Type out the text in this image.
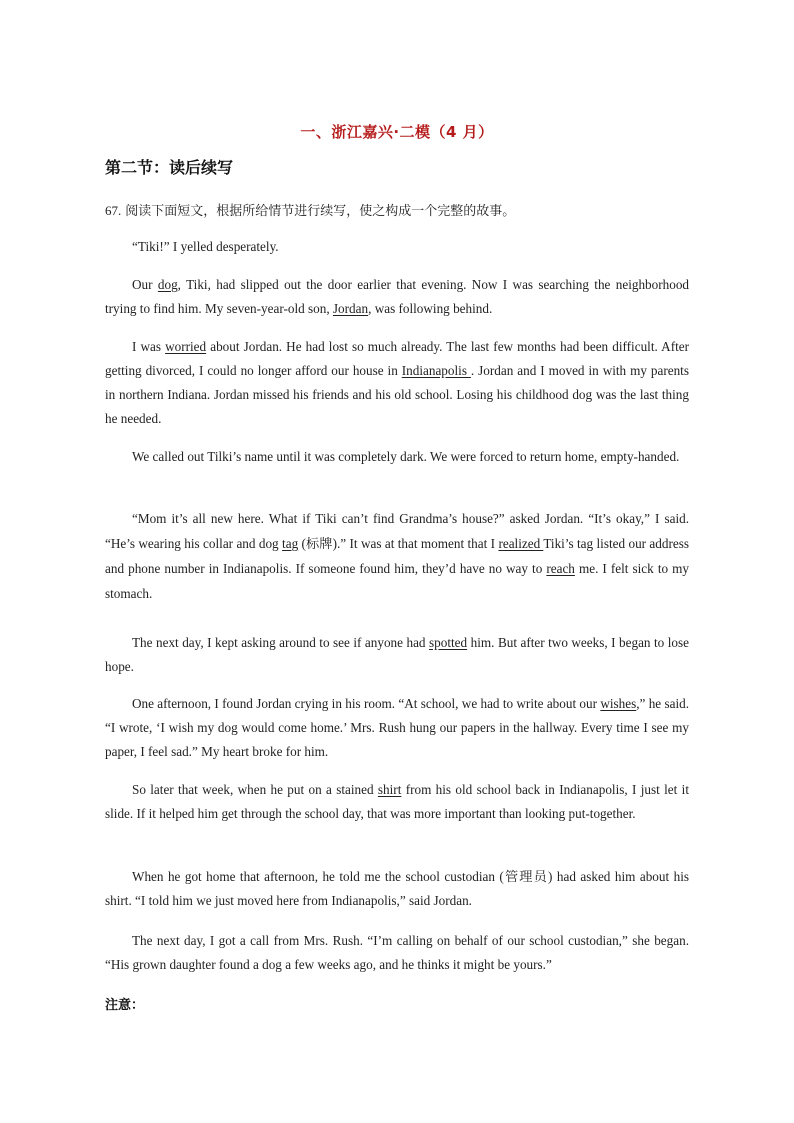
一、浙江嘉兴·二模（4 月）
第二节：读后续写
67. 阅读下面短文，根据所给情节进行续写，使之构成一个完整的故事。
“Tiki!” I yelled desperately.
Our dog, Tiki, had slipped out the door earlier that evening. Now I was searching the neighborhood trying to find him. My seven-year-old son, Jordan, was following behind.
I was worried about Jordan. He had lost so much already. The last few months had been difficult. After getting divorced, I could no longer afford our house in Indianapolis . Jordan and I moved in with my parents in northern Indiana. Jordan missed his friends and his old school. Losing his childhood dog was the last thing he needed.
We called out Tilki’s name until it was completely dark. We were forced to return home, empty-handed.
“Mom it’s all new here. What if Tiki can’t find Grandma’s house?” asked Jordan. “It’s okay,” I said. “He’s wearing his collar and dog tag (标牌).” It was at that moment that I realized Tiki’s tag listed our address and phone number in Indianapolis. If someone found him, they’d have no way to reach me. I felt sick to my stomach.
The next day, I kept asking around to see if anyone had spotted him. But after two weeks, I began to lose hope.
One afternoon, I found Jordan crying in his room. “At school, we had to write about our wishes,” he said. “I wrote, ‘I wish my dog would come home.’ Mrs. Rush hung our papers in the hallway. Every time I see my paper, I feel sad.” My heart broke for him.
So later that week, when he put on a stained shirt from his old school back in Indianapolis, I just let it slide. If it helped him get through the school day, that was more important than looking put-together.
When he got home that afternoon, he told me the school custodian (管理员) had asked him about his shirt. “I told him we just moved here from Indianapolis,” said Jordan.
The next day, I got a call from Mrs. Rush. “I’m calling on behalf of our school custodian,” she began. “His grown daughter found a dog a few weeks ago, and he thinks it might be yours.”
注意：
